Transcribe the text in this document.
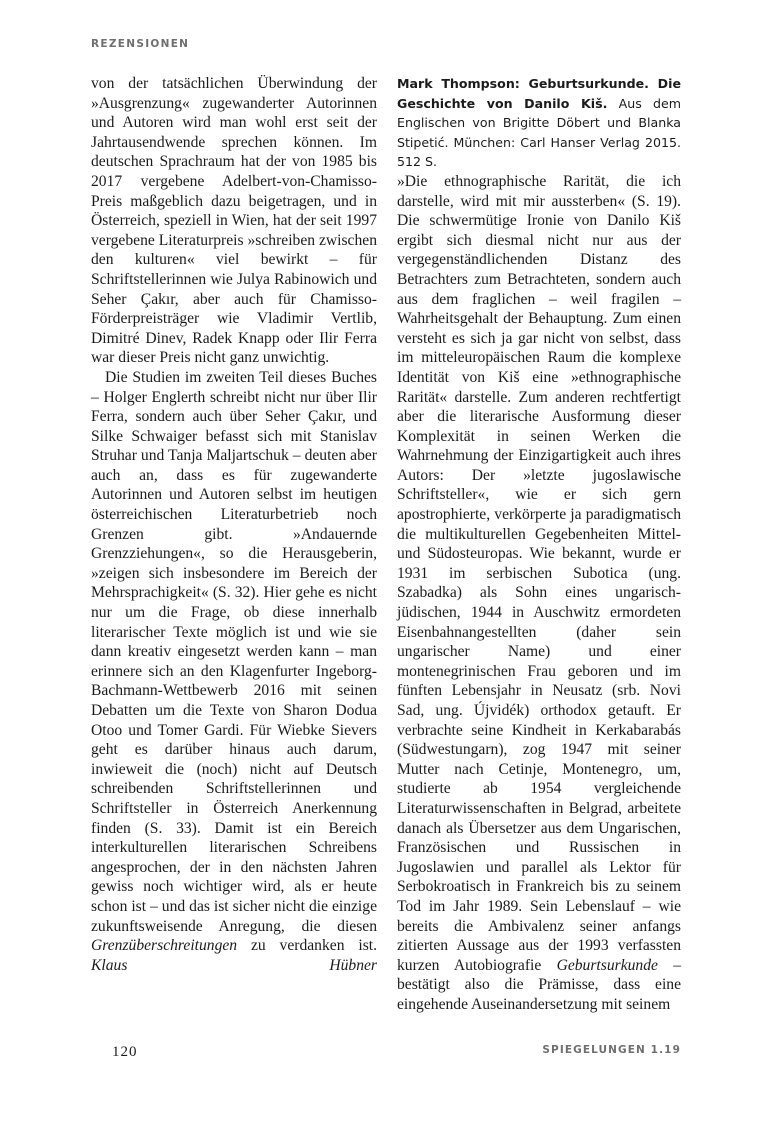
REZENSIONEN

von der tatsächlichen Überwindung der »Ausgrenzung« zugewanderter Autorinnen und Autoren wird man wohl erst seit der Jahrtausendwende sprechen können. Im deutschen Sprachraum hat der von 1985 bis 2017 vergebene Adelbert-von-Chamisso-Preis maßgeblich dazu beigetragen, und in Österreich, speziell in Wien, hat der seit 1997 vergebene Literaturpreis »schreiben zwischen den kulturen« viel bewirkt – für Schriftstellerinnen wie Julya Rabinowich und Seher Çakır, aber auch für Chamisso-Förderpreisträger wie Vladimir Vertlib, Dimitré Dinev, Radek Knapp oder Ilir Ferra war dieser Preis nicht ganz unwichtig.

Die Studien im zweiten Teil dieses Buches – Holger Englerth schreibt nicht nur über Ilir Ferra, sondern auch über Seher Çakır, und Silke Schwaiger befasst sich mit Stanislav Struhar und Tanja Maljartschuk – deuten aber auch an, dass es für zugewanderte Autorinnen und Autoren selbst im heutigen österreichischen Literaturbetrieb noch Grenzen gibt. »Andauernde Grenzziehungen«, so die Herausgeberin, »zeigen sich insbesondere im Bereich der Mehrsprachigkeit« (S. 32). Hier gehe es nicht nur um die Frage, ob diese innerhalb literarischer Texte möglich ist und wie sie dann kreativ eingesetzt werden kann – man erinnere sich an den Klagenfurter Ingeborg-Bachmann-Wettbewerb 2016 mit seinen Debatten um die Texte von Sharon Dodua Otoo und Tomer Gardi. Für Wiebke Sievers geht es darüber hinaus auch darum, inwieweit die (noch) nicht auf Deutsch schreibenden Schriftstellerinnen und Schriftsteller in Österreich Anerkennung finden (S. 33). Damit ist ein Bereich interkulturellen literarischen Schreibens angesprochen, der in den nächsten Jahren gewiss noch wichtiger wird, als er heute schon ist – und das ist sicher nicht die einzige zukunftsweisende Anregung, die diesen Grenzüberschreitungen zu verdanken ist. Klaus Hübner

Mark Thompson: Geburtsurkunde. Die Geschichte von Danilo Kiš. Aus dem Englischen von Brigitte Döbert und Blanka Stipetić. München: Carl Hanser Verlag 2015. 512 S.

»Die ethnographische Rarität, die ich darstelle, wird mit mir aussterben« (S. 19). Die schwermütige Ironie von Danilo Kiš ergibt sich diesmal nicht nur aus der vergegenständlichenden Distanz des Betrachters zum Betrachteten, sondern auch aus dem fraglichen – weil fragilen – Wahrheitsgehalt der Behauptung. Zum einen versteht es sich ja gar nicht von selbst, dass im mitteleuropäischen Raum die komplexe Identität von Kiš eine »ethnographische Rarität« darstelle. Zum anderen rechtfertigt aber die literarische Ausformung dieser Komplexität in seinen Werken die Wahrnehmung der Einzigartigkeit auch ihres Autors: Der »letzte jugoslawische Schriftsteller«, wie er sich gern apostrophierte, verkörperte ja paradigmatisch die multikulturellen Gegebenheiten Mittel- und Südosteuropas. Wie bekannt, wurde er 1931 im serbischen Subotica (ung. Szabadka) als Sohn eines ungarisch-jüdischen, 1944 in Auschwitz ermordeten Eisenbahnangestellten (daher sein ungarischer Name) und einer montenegrinischen Frau geboren und im fünften Lebensjahr in Neusatz (srb. Novi Sad, ung. Újvidék) orthodox getauft. Er verbrachte seine Kindheit in Kerkabarabás (Südwestungarn), zog 1947 mit seiner Mutter nach Cetinje, Montenegro, um, studierte ab 1954 vergleichende Literaturwissenschaften in Belgrad, arbeitete danach als Übersetzer aus dem Ungarischen, Französischen und Russischen in Jugoslawien und parallel als Lektor für Serbokroatisch in Frankreich bis zu seinem Tod im Jahr 1989. Sein Lebenslauf – wie bereits die Ambivalenz seiner anfangs zitierten Aussage aus der 1993 verfassten kurzen Autobiografie Geburtsurkunde – bestätigt also die Prämisse, dass eine eingehende Auseinandersetzung mit seinem

120	SPIEGELUNGEN 1.19
